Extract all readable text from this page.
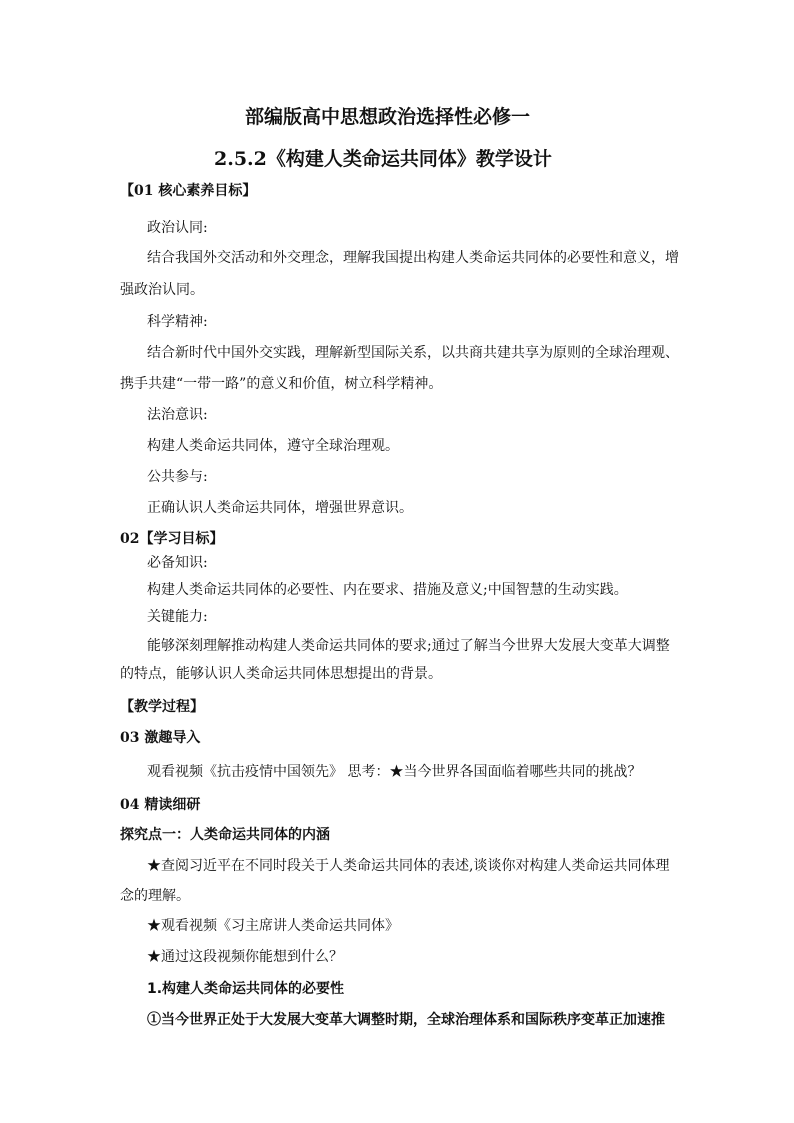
部编版高中思想政治选择性必修一
2.5.2《构建人类命运共同体》教学设计
【01 核心素养目标】
政治认同:
结合我国外交活动和外交理念，理解我国提出构建人类命运共同体的必要性和意义，增
强政治认同。
科学精神:
结合新时代中国外交实践，理解新型国际关系，以共商共建共享为原则的全球治理观、
携手共建“一带一路”的意义和价值，树立科学精神。
法治意识:
构建人类命运共同体，遵守全球治理观。
公共参与:
正确认识人类命运共同体，增强世界意识。
02【学习目标】
必备知识:
构建人类命运共同体的必要性、内在要求、措施及意义;中国智慧的生动实践。
关键能力:
能够深刻理解推动构建人类命运共同体的要求;通过了解当今世界大发展大变革大调整
的特点，能够认识人类命运共同体思想提出的背景。
【教学过程】
03 激趣导入
观看视频《抗击疫情中国领先》 思考：★当今世界各国面临着哪些共同的挑战？
04 精读细研
探究点一：人类命运共同体的内涵
★查阅习近平在不同时段关于人类命运共同体的表述,谈谈你对构建人类命运共同体理
念的理解。
★观看视频《习主席讲人类命运共同体》
★通过这段视频你能想到什么？
1.构建人类命运共同体的必要性
①当今世界正处于大发展大变革大调整时期，全球治理体系和国际秩序变革正加速推
